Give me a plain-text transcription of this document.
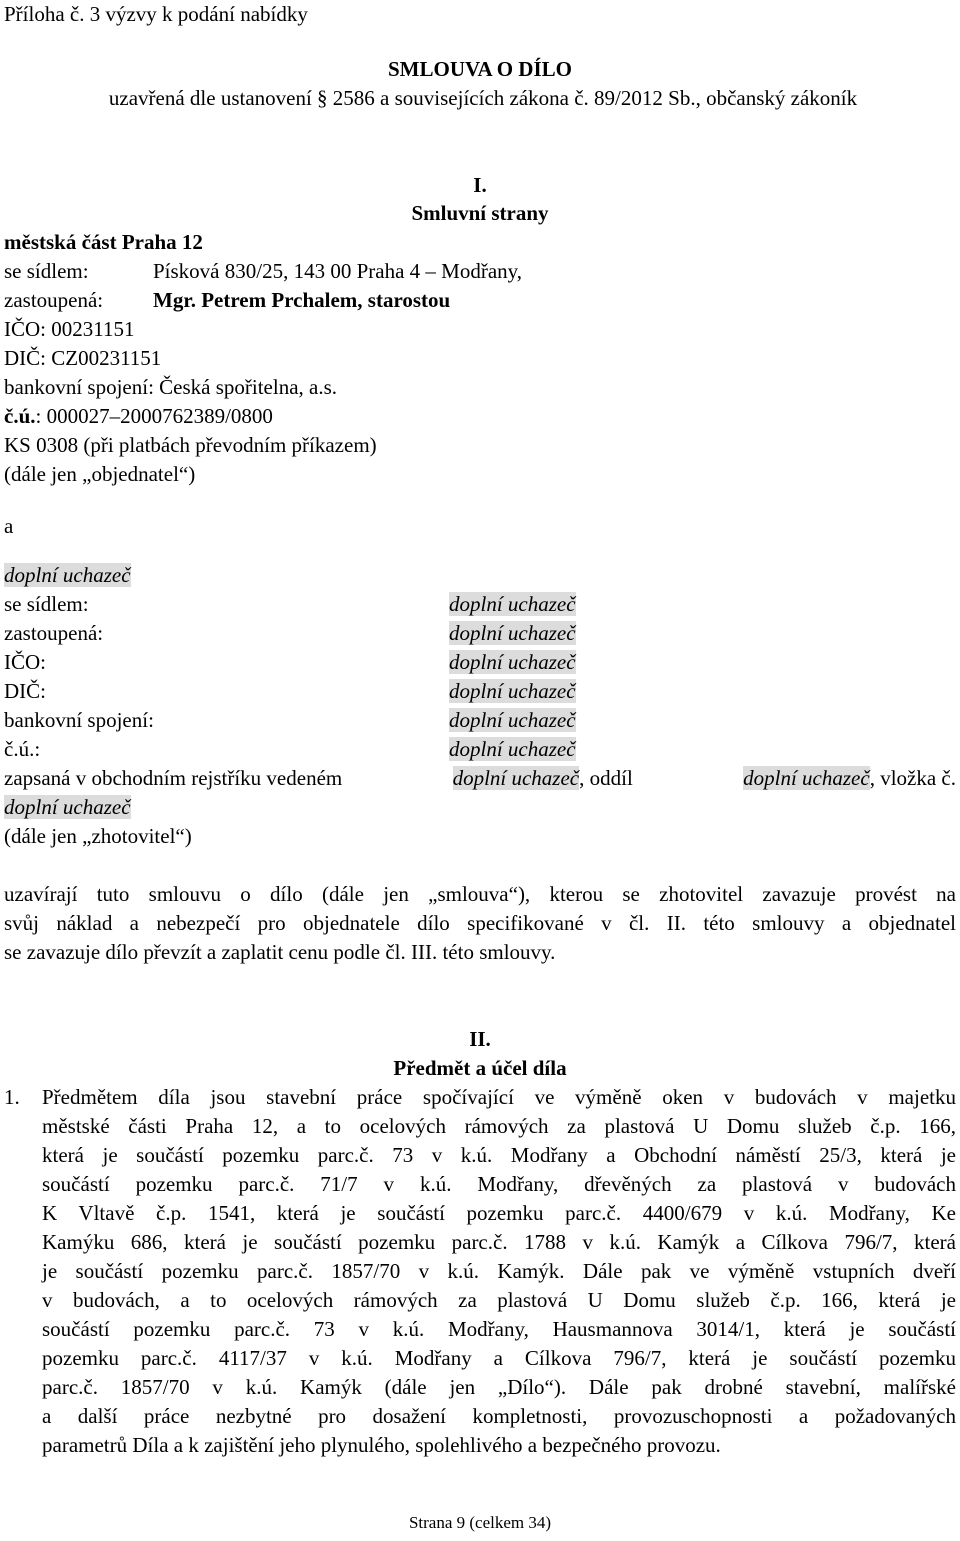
Příloha č. 3 výzvy k podání nabídky
SMLOUVA O DÍLO
uzavřená dle ustanovení § 2586 a souvisejících zákona č. 89/2012 Sb., občanský zákoník
I.
Smluvní strany
městská část Praha 12
se sídlem:	Písková 830/25, 143 00 Praha 4 – Modřany,
zastoupená: Mgr. Petrem Prchalem, starostou
IČO: 00231151
DIČ: CZ00231151
bankovní spojení: Česká spořitelna, a.s.
č.ú.: 000027–2000762389/0800
KS 0308 (při platbách převodním příkazem)
(dále jen „objednatel“)
a
doplní uchazeč
se sídlem:	doplní uchazeč
zastoupená:	doplní uchazeč
IČO:	doplní uchazeč
DIČ:	doplní uchazeč
bankovní spojení:	doplní uchazeč
č.ú.:	doplní uchazeč
zapsaná v obchodním rejstříku vedeném	doplní uchazeč, oddíl	doplní uchazeč, vložka č.
doplní uchazeč
(dále jen „zhotovitel“)
uzavírají tuto smlouvu o dílo (dále jen „smlouva“), kterou se zhotovitel zavazuje provést na
svůj náklad a nebezpečí pro objednatele dílo specifikované v čl. II. této smlouvy a objednatel
se zavazuje dílo převzít a zaplatit cenu podle čl. III. této smlouvy.
II.
Předmět a účel díla
1. Předmětem díla jsou stavební práce spočívající ve výměně oken v budovách v majetku
městské části Praha 12, a to ocelových rámových za plastová U Domu služeb č.p. 166,
která je součástí pozemku parc.č. 73 v k.ú. Modřany a Obchodní náměstí 25/3, která je
součástí pozemku parc.č. 71/7 v k.ú. Modřany, dřevěných za plastová v budovách
K Vltavě č.p. 1541, která je součástí pozemku parc.č. 4400/679 v k.ú. Modřany, Ke
Kamýku 686, která je součástí pozemku parc.č. 1788 v k.ú. Kamýk a Cílkova 796/7, která
je součástí pozemku parc.č. 1857/70 v k.ú. Kamýk. Dále pak ve výměně vstupních dveří
v budovách, a to ocelových rámových za plastová U Domu služeb č.p. 166, která je
součástí pozemku parc.č. 73 v k.ú. Modřany, Hausmannova 3014/1, která je součástí
pozemku parc.č. 4117/37 v k.ú. Modřany a Cílkova 796/7, která je součástí pozemku
parc.č. 1857/70 v k.ú. Kamýk (dále jen „Dílo“). Dále pak drobné stavební, malířské
a další práce nezbytné pro dosažení kompletnosti, provozuschopnosti a požadovaných
parametrů Díla a k zajištění jeho plynulého, spolehlivého a bezpečného provozu.
Strana 9 (celkem 34)
